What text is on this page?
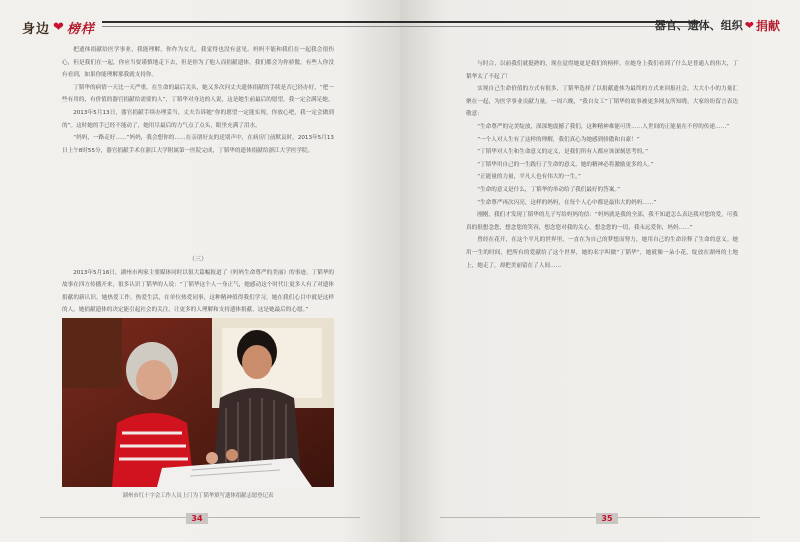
身边 ❤ 榜样

把遗体捐献给医学事业，我能理解，你作为女儿，我觉得也没有意见。妈妈不能和我们在一起我会很伤心，但是我们在一起，你应当要谨慎地走下去，但是你为了他人而捐献遗体，我们都会为你骄傲，有些人你没有看到，如果你能理解那我就支持你。

丁韬华的病情一天比一天严重，在生命的最后关头，她又多次问丈夫遗体捐献的手续是否已经办好，“把一些有用的、有价值的器官捐献给需要的人”，丁韬华对身边的人说，这是她生前最后的愿望，我一定会满足她。

2013年5月13日，器官捐献手续办理妥当，丈夫告诉她“你的愿望一定能实现，你放心吧，我一定会做到的”。这时她的手已经不能动了，她用尽最后的力气点了点头，眼里充满了泪水。

“妈妈，一路走好……”妈妈，我会想你的……在亲朋好友的送别声中，在病房门前默哀时，2013年5月13日上午8时55分，器官捐献手术在浙江大学附属第一医院完成，丁韬华的遗体捐献给浙江大学医学院。

（三）

2013年5月16日，湖州市两家主要媒体同时以很大篇幅报道了《妈妈生命尊严的美丽》的事迹。丁韬华的故事在四方传播开来，很多认识丁韬华的人说：“丁韬华这个人一身正气，她感动这个时代让更多人有了对遗体捐献的新认识。她热爱工作，热爱生活，在单位热爱同事，这种精神值得我们学习，她在我们心目中就是这样的人。她捐献遗体的决定能引起社会的关注，让更多的人理解和支持遗体捐献，这是她最后的心愿。”

湖州市红十字会工作人员上门为丁韬华填写遗体捐献志愿登记表
34
器官、遗体、组织 ❤ 捐献

与时合，以前我们就挺熟的，现在觉得她更是我们的榜样。在她身上我们看到了什么是普通人的伟大，丁韬华太了不起了！

实现自己生命价值的方式有很多，丁韬华选择了以捐献遗体为最终的方式来回报社会，大大小小的力量汇聚在一起，为医学事业贡献力量。一周六晚，“我自女工”丁韬华的故事被更多网友所知晓，大家纷纷留言表达敬意：

“生命尊严的完美绽放，深深地震撼了我们，这种精神难能可贵……人世间的正能量在不停的传递……”

“一个人对人生有了这样的理解，我们真心为她感到骄傲和自豪！”

“丁韬华对人生和生命意义的定义，是我们所有人都应该深刻思考的。”

“丁韬华用自己的一生践行了生命的意义，她的精神必将激励更多的人。”

“正能量的力量，平凡人也有伟大的一生。”

“生命的意义是什么，丁韬华的举动给了我们最好的答案。”

“生命尊严再次闪亮，这样的妈妈，在每个人心中都是最伟大的妈妈……”

刚刚，我们才发现丁韬华的儿子写给妈妈的信：“妈妈就是我的全部，我不知道怎么表达我对您的爱，可我真的很想念您，想念您的笑容，想念您对我的关心，想念您的一切，我永远爱你，妈妈……”

曾经在花开，在这个平凡的世界里，一直在为自己的梦想而努力，她用自己的生命诠释了生命的意义。她用一生的时间，把所有的爱献给了这个世界，她的名字叫做“丁韬华”，她就像一朵小花，绽放在湖州的土地上，她走了，却把美丽留在了人间……

35
